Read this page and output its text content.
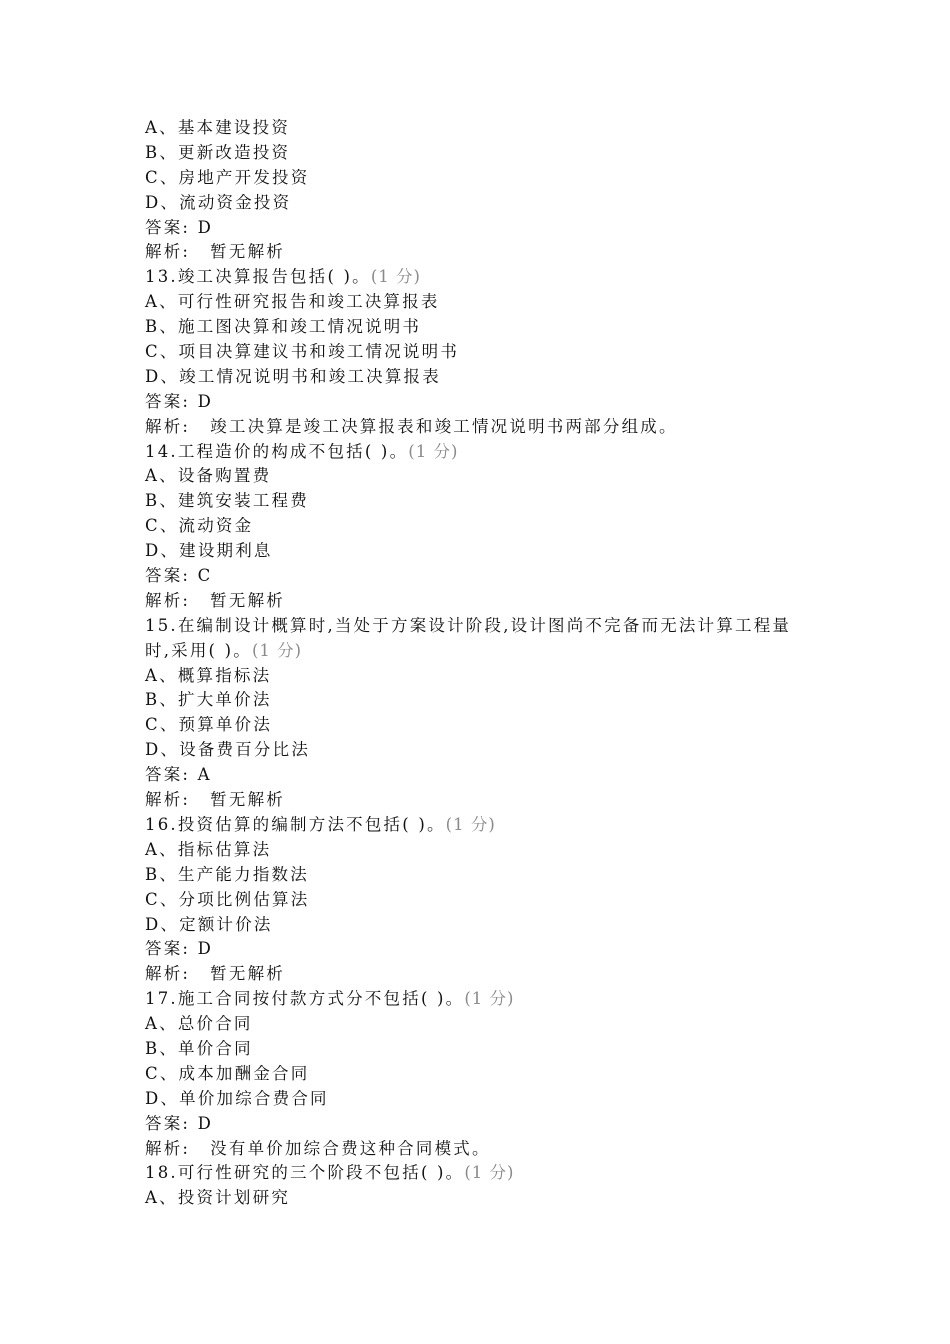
A、基本建设投资
B、更新改造投资
C、房地产开发投资
D、流动资金投资
答案: D
解析: 暂无解析
13.竣工决算报告包括( )。(1 分)
A、可行性研究报告和竣工决算报表
B、施工图决算和竣工情况说明书
C、项目决算建议书和竣工情况说明书
D、竣工情况说明书和竣工决算报表
答案: D
解析: 竣工决算是竣工决算报表和竣工情况说明书两部分组成。
14.工程造价的构成不包括( )。(1 分)
A、设备购置费
B、建筑安装工程费
C、流动资金
D、建设期利息
答案: C
解析: 暂无解析
15.在编制设计概算时,当处于方案设计阶段,设计图尚不完备而无法计算工程量
时,采用( )。(1 分)
A、概算指标法
B、扩大单价法
C、预算单价法
D、设备费百分比法
答案: A
解析: 暂无解析
16.投资估算的编制方法不包括( )。(1 分)
A、指标估算法
B、生产能力指数法
C、分项比例估算法
D、定额计价法
答案: D
解析: 暂无解析
17.施工合同按付款方式分不包括( )。(1 分)
A、总价合同
B、单价合同
C、成本加酬金合同
D、单价加综合费合同
答案: D
解析: 没有单价加综合费这种合同模式。
18.可行性研究的三个阶段不包括( )。(1 分)
A、投资计划研究
